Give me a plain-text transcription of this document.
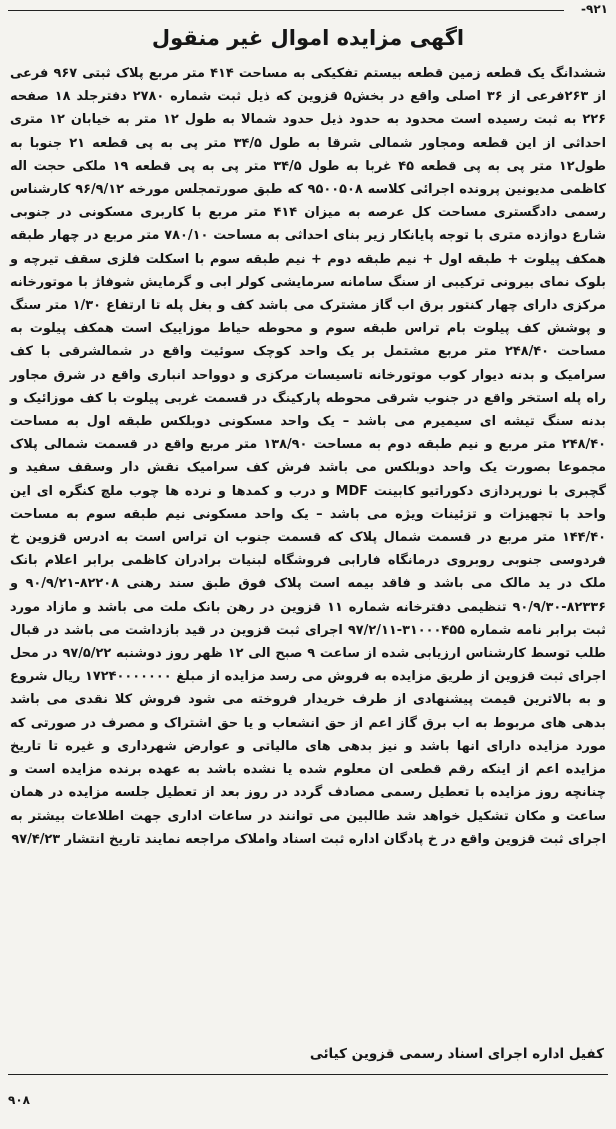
۹۲۱-
اگهی مزایده اموال غیر منقول

ششدانگ یک قطعه زمین قطعه بیستم تفکیکی به مساحت ۴۱۴ متر مربع پلاک ثبتی ۹۶۷ فرعی از ۲۶۳فرعی از ۳۶ اصلی واقع در بخش۵ قزوین که ذیل ثبت شماره ۲۷۸۰ دفترجلد ۱۸ صفحه ۲۲۶ به ثبت رسیده است محدود به حدود ذیل حدود شمالا به طول ۱۲ متر به خیابان ۱۲ متری احداثی از این قطعه ومجاور شمالی شرقا به طول ۳۴/۵ متر پی به پی قطعه ۲۱ جنوبا به طول۱۲ متر پی به پی قطعه ۴۵ غربا به طول ۳۴/۵ متر پی به پی قطعه ۱۹ ملکی حجت اله کاظمی مدیونین پرونده اجرائی کلاسه ۹۵۰۰۵۰۸ که طبق صورتمجلس مورخه ۹۶/۹/۱۲ کارشناس رسمی دادگستری مساحت کل عرصه به میزان ۴۱۴ متر مربع با کاربری مسکونی در جنوبی شارع دوازده متری با توجه پایانکار زیر بنای احداثی به مساحت ۷۸۰/۱۰ متر مربع در چهار طبقه همکف پیلوت + طبقه اول + نیم طبقه دوم + نیم طبقه سوم با اسکلت فلزی سقف تیرچه و بلوک نمای بیرونی ترکیبی از سنگ سامانه سرمایشی کولر ابی و گرمایش شوفاژ با موتورخانه مرکزی دارای چهار کنتور برق اب گاز مشترک می باشد کف و بغل پله تا ارتفاع ۱/۳۰ متر سنگ و پوشش کف پیلوت بام تراس طبقه سوم و محوطه حیاط موزاییک است همکف پیلوت به مساحت ۲۴۸/۴۰ متر مربع مشتمل بر یک واحد کوچک سوئیت واقع در شمالشرقی با کف سرامیک و بدنه دیوار کوب موتورخانه تاسیسات مرکزی و دوواحد انباری واقع در شرق مجاور راه پله استخر واقع در جنوب شرقی محوطه پارکینگ در قسمت غربی پیلوت با کف موزائیک و بدنه سنگ تیشه ای سیمیرم می باشد – یک واحد مسکونی دوبلکس طبقه اول به مساحت ۲۴۸/۴۰ متر مربع و نیم طبقه دوم به مساحت ۱۳۸/۹۰ متر مربع واقع در قسمت شمالی پلاک مجموعا بصورت یک واحد دوبلکس می باشد فرش کف سرامیک نقش دار وسقف سفید و گچبری با نورپردازی دکوراتیو کابینت MDF و درب و کمدها و نرده ها چوب ملچ کنگره ای این واحد با تجهیزات و تزئینات ویژه می باشد – یک واحد مسکونی نیم طبقه سوم به مساحت ۱۴۴/۴۰ متر مربع در قسمت شمال پلاک که قسمت جنوب ان تراس است به ادرس قزوین خ فردوسی جنوبی روبروی درمانگاه فارابی فروشگاه لبنیات برادران کاظمی برابر اعلام بانک ملک در ید مالک می باشد و فاقد بیمه است پلاک فوق طبق سند رهنی ۸۲۲۰۸-۹۰/۹/۲۱ و ۸۲۳۳۶-۹۰/۹/۳۰ تنظیمی دفترخانه شماره ۱۱ قزوین در رهن بانک ملت می باشد و مازاد مورد ثبت برابر نامه شماره ۳۱۰۰۰۴۵۵-۹۷/۲/۱۱ اجرای ثبت قزوین در قید بازداشت می باشد در قبال طلب توسط کارشناس ارزیابی شده از ساعت ۹ صبح الی ۱۲ ظهر روز دوشنبه ۹۷/۵/۲۲ در محل اجرای ثبت قزوین از طریق مزایده به فروش می رسد مزایده از مبلغ ۱۷۲۴۰۰۰۰۰۰۰ ریال شروع و به بالاترین قیمت پیشنهادی از طرف خریدار فروخته می شود فروش کلا نقدی می باشد بدهی های مربوط به اب برق گاز اعم از حق انشعاب و یا حق اشتراک و مصرف در صورتی که مورد مزایده دارای انها باشد و نیز بدهی های مالیاتی و عوارض شهرداری و غیره تا تاریخ مزایده اعم از اینکه رقم قطعی ان معلوم شده یا نشده باشد به عهده برنده مزایده است و چنانچه روز مزایده با تعطیل رسمی مصادف گردد در روز بعد از تعطیل جلسه مزایده در همان ساعت و مکان تشکیل خواهد شد طالبین می توانند در ساعات اداری جهت اطلاعات بیشتر به اجرای ثبت قزوین واقع در خ پادگان اداره ثبت اسناد واملاک مراجعه نمایند تاریخ انتشار ۹۷/۴/۲۳

کفیل اداره اجرای اسناد رسمی قزوین کیائی
۹۰۸
